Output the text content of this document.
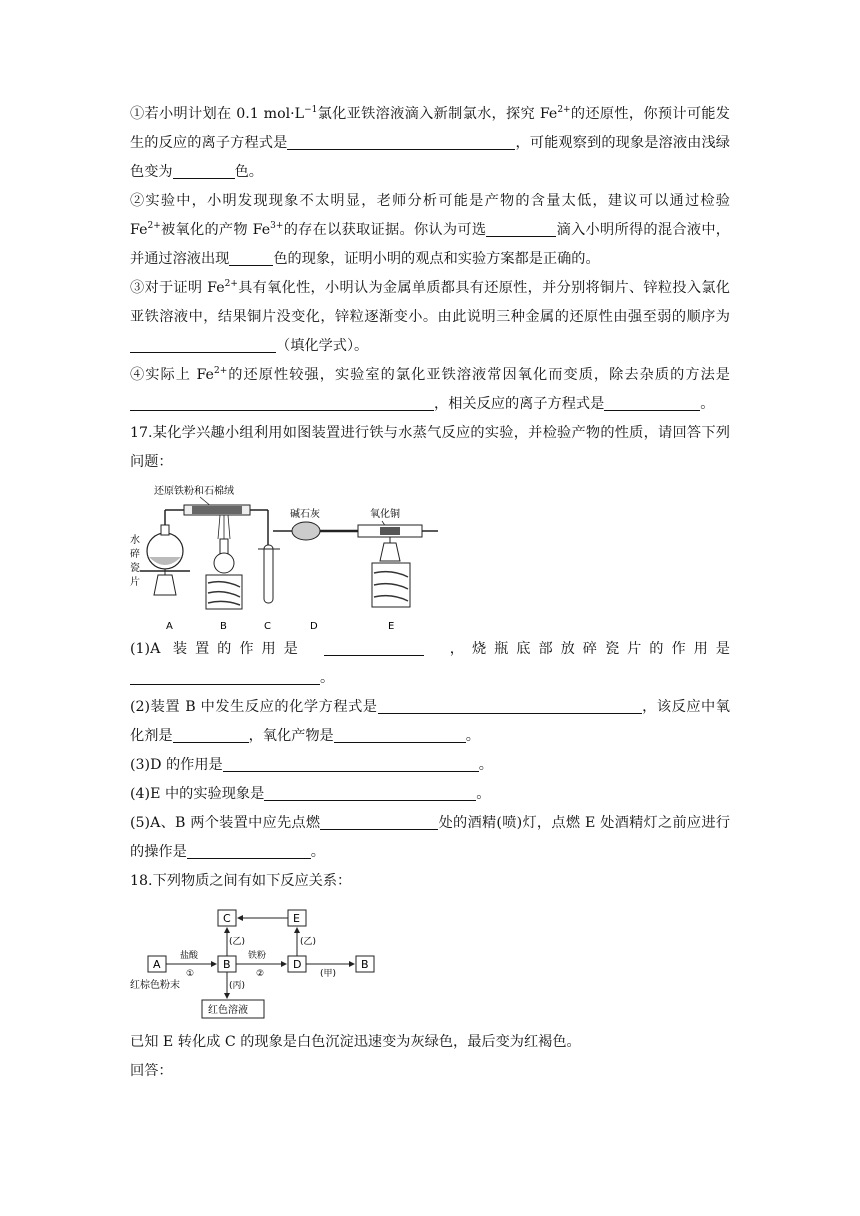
①若小明计划在 0.1 $mol\cdot L^{-1}$氯化亚铁溶液滴入新制氯水，探究 $Fe^{2+}$的还原性，你预计可能发生的反应的离子方程式是	，可能观察到的现象是溶液由浅绿色变为	色。

②实验中，小明发现现象不太明显，老师分析可能是产物的含量太低，建议可以通过检验 $Fe^{2+}$被氧化的产物 $Fe^{3+}$的存在以获取证据。你认为可选	滴入小明所得的混合液中，并通过溶液出现	色的现象，证明小明的观点和实验方案都是正确的。

③对于证明 $Fe^{2+}$具有氧化性，小明认为金属单质都具有还原性，并分别将铜片、锌粒投入氯化亚铁溶液中，结果铜片没变化，锌粒逐渐变小。由此说明三种金属的还原性由强至弱的顺序为（填化学式）。

④实际上 $Fe^{2+}$的还原性较强，实验室的氯化亚铁溶液常因氧化而变质，除去杂质的方法是，相关反应的离子方程式是	。

17.某化学兴趣小组利用如图装置进行铁与水蒸气反应的实验，并检验产物的性质，请回答下列问题：

还原铁粉和石棉绒
水
碎
瓷
片
碱石灰	氧化铜
A	B	C	D	E

(1)A 装置的作用是	，烧瓶底部放碎瓷片的作用是。

(2)装置 B 中发生反应的化学方程式是	，该反应中氧化剂是	，氧化产物是	。

(3)D 的作用是	。

(4)E 中的实验现象是	。

(5)A、B 两个装置中应先点燃	处的酒精(喷)灯，点燃 E 处酒精灯之前应进行的操作是	。

18.下列物质之间有如下反应关系：

C	E
A	B	D	B
(乙)	(乙)
盐酸
①
铁粉
②	(甲)
红棕色粉末	(丙)
红色溶液

已知 E 转化成 C 的现象是白色沉淀迅速变为灰绿色，最后变为红褐色。

回答：
